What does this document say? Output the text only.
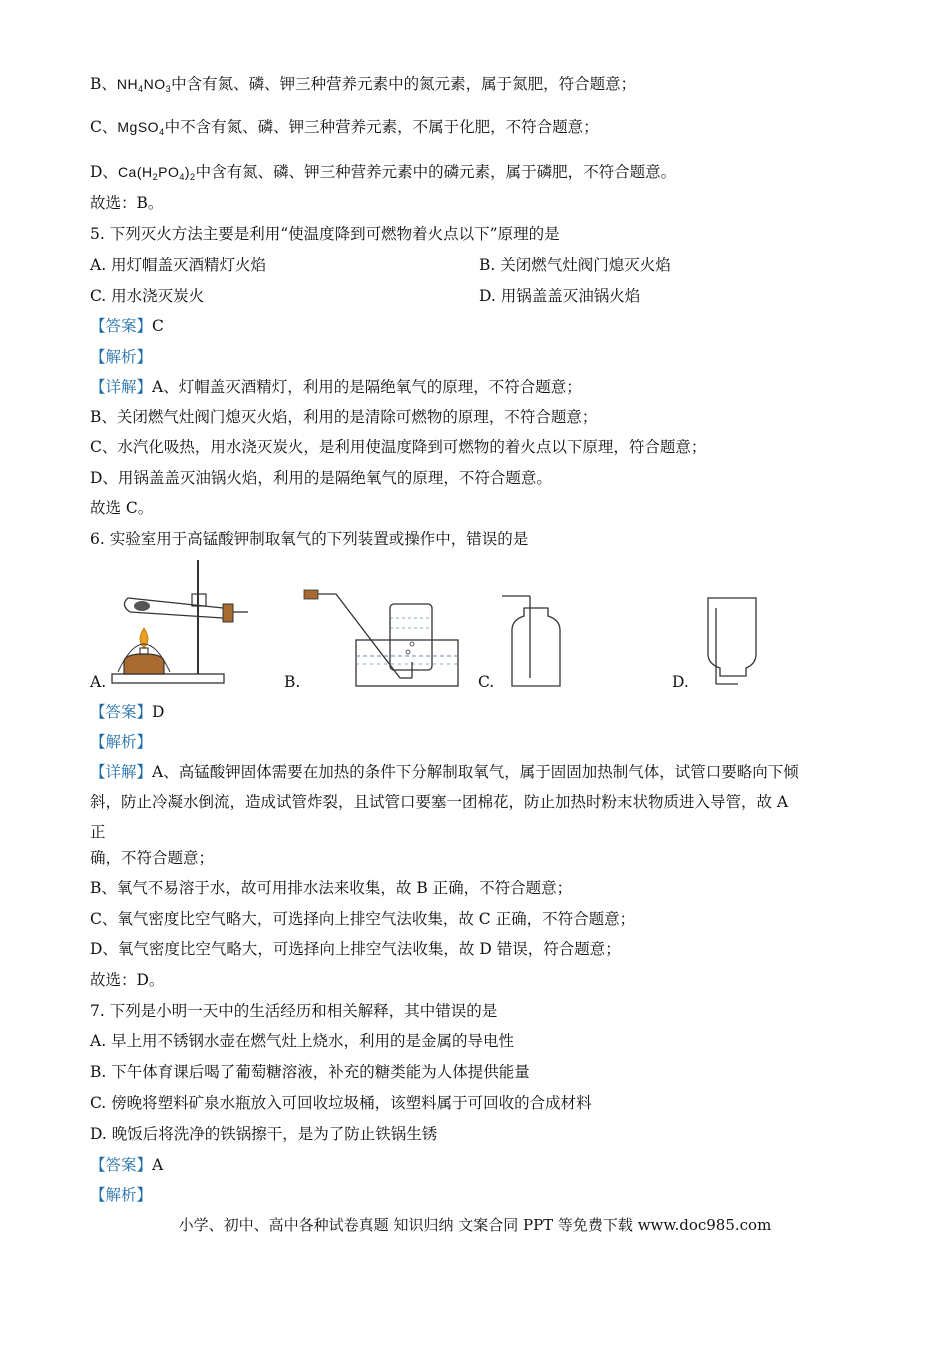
B、$NH_4NO_3$中含有氮、磷、钾三种营养元素中的氮元素，属于氮肥，符合题意；
C、MgSO$_4$中不含有氮、磷、钾三种营养元素，不属于化肥，不符合题意；
D、$Ca(H_2PO_4)_2$中含有氮、磷、钾三种营养元素中的磷元素，属于磷肥，不符合题意。
故选：B。
5. 下列灭火方法主要是利用“使温度降到可燃物着火点以下”原理的是
A. 用灯帽盖灭酒精灯火焰	B. 关闭燃气灶阀门熄灭火焰
C. 用水浇灭炭火	D. 用锅盖盖灭油锅火焰
【答案】C
【解析】
【详解】A、灯帽盖灭酒精灯，利用的是隔绝氧气的原理，不符合题意；
B、关闭燃气灶阀门熄灭火焰，利用的是清除可燃物的原理，不符合题意；
C、水汽化吸热，用水浇灭炭火，是利用使温度降到可燃物的着火点以下原理，符合题意；
D、用锅盖盖灭油锅火焰，利用的是隔绝氧气的原理，不符合题意。
故选 C。
6. 实验室用于高锰酸钾制取氧气的下列装置或操作中，错误的是
A.	B.	C.	D.
【答案】D
【解析】
【详解】A、高锰酸钾固体需要在加热的条件下分解制取氧气，属于固固加热制气体，试管口要略向下倾
斜，防止冷凝水倒流，造成试管炸裂，且试管口要塞一团棉花，防止加热时粉末状物质进入导管，故 A
正
确，不符合题意；
B、氧气不易溶于水，故可用排水法来收集，故 B 正确，不符合题意；
C、氧气密度比空气略大，可选择向上排空气法收集，故 C 正确，不符合题意；
D、氧气密度比空气略大，可选择向上排空气法收集，故 D 错误，符合题意；
故选：D。
7. 下列是小明一天中的生活经历和相关解释，其中错误的是
A. 早上用不锈钢水壶在燃气灶上烧水，利用的是金属的导电性
B. 下午体育课后喝了葡萄糖溶液，补充的糖类能为人体提供能量
C. 傍晚将塑料矿泉水瓶放入可回收垃圾桶，该塑料属于可回收的合成材料
D. 晚饭后将洗净的铁锅擦干，是为了防止铁锅生锈
【答案】A
【解析】
小学、初中、高中各种试卷真题 知识归纳 文案合同 PPT 等免费下载 www.doc985.com
